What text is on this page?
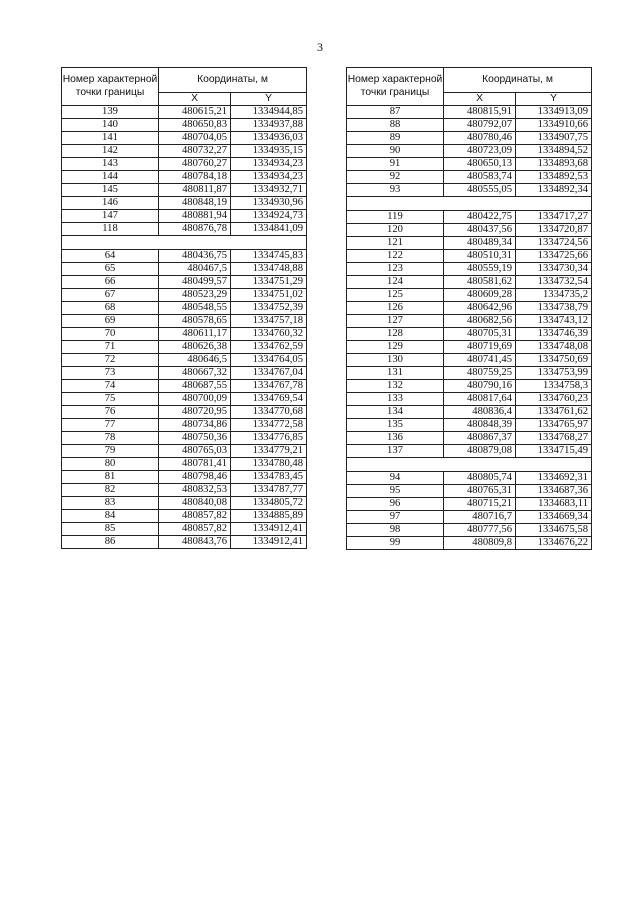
3
Номер характерной точки границы	Координаты, м	
	X	Y
139	480615,21	1334944,85
140	480650,83	1334937,88
141	480704,05	1334936,03
142	480732,27	1334935,15
143	480760,27	1334934,23
144	480784,18	1334934,23
145	480811,87	1334932,71
146	480848,19	1334930,96
147	480881,94	1334924,73
118	480876,78	1334841,09

64	480436,75	1334745,83
65	480467,5	1334748,88
66	480499,57	1334751,29
67	480523,29	1334751,02
68	480548,55	1334752,39
69	480578,65	1334757,18
70	480611,17	1334760,32
71	480626,38	1334762,59
72	480646,5	1334764,05
73	480667,32	1334767,04
74	480687,55	1334767,78
75	480700,09	1334769,54
76	480720,95	1334770,68
77	480734,86	1334772,58
78	480750,36	1334776,85
79	480765,03	1334779,21
80	480781,41	1334780,48
81	480798,46	1334783,45
82	480832,53	1334787,77
83	480840,08	1334805,72
84	480857,82	1334885,89
85	480857,82	1334912,41
86	480843,76	1334912,41
Номер характерной точки границы	Координаты, м	
	X	Y
87	480815,91	1334913,09
88	480792,07	1334910,66
89	480780,46	1334907,75
90	480723,09	1334894,52
91	480650,13	1334893,68
92	480583,74	1334892,53
93	480555,05	1334892,34

119	480422,75	1334717,27
120	480437,56	1334720,87
121	480489,34	1334724,56
122	480510,31	1334725,66
123	480559,19	1334730,34
124	480581,62	1334732,54
125	480609,28	1334735,2
126	480642,96	1334738,79
127	480682,56	1334743,12
128	480705,31	1334746,39
129	480719,69	1334748,08
130	480741,45	1334750,69
131	480759,25	1334753,99
132	480790,16	1334758,3
133	480817,64	1334760,23
134	480836,4	1334761,62
135	480848,39	1334765,97
136	480867,37	1334768,27
137	480879,08	1334715,49

94	480805,74	1334692,31
95	480765,31	1334687,36
96	480715,21	1334683,11
97	480716,7	1334669,34
98	480777,56	1334675,58
99	480809,8	1334676,22
